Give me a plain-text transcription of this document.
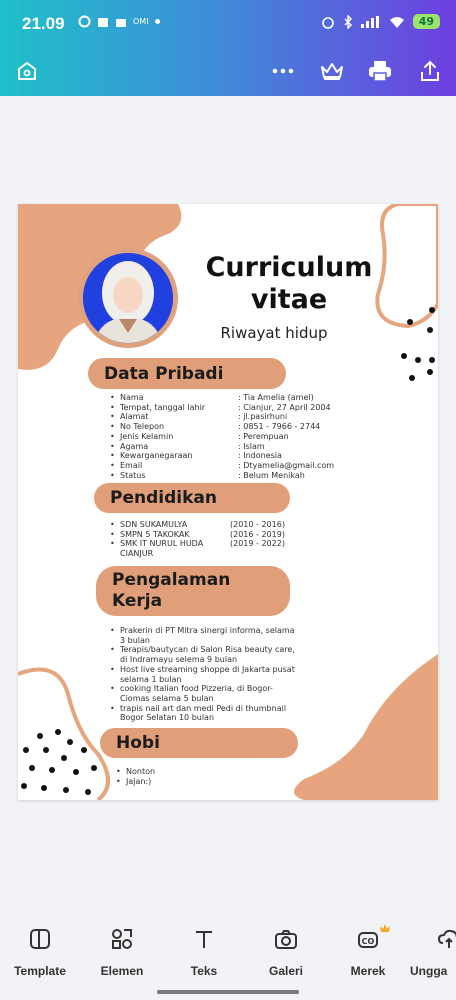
21.09	OMI	49
Curriculum vitae
Riwayat hidup
Data Pribadi
• Nama	: Tia Amelia (amel)
• Tempat, tanggal lahir	: Cianjur, 27 April 2004
• Alamat	: jl.pasirhuni
• No Telepon	: 0851 - 7966 - 2744
• Jenis Kelamin	: Perempuan
• Agama	: Islam
• Kewarganegaraan	: Indonesia
• Email	: Dtyamelia@gmail.com
• Status	: Belum Menikah
Pendidikan
• SDN SUKAMULYA	(2010 - 2016)
• SMPN 5 TAKOKAK	(2016 - 2019)
• SMK IT NURUL HUDA CIANJUR
(2019 - 2022)
Pengalaman Kerja
• Prakerin di PT Mitra sinergi informa, selama 3 bulan
• Terapis/bautycan di Salon Risa beauty care, di Indramayu selema 9 bulan
• Host live streaming shoppe di Jakarta pusat selama 1 bulan
• cooking Italian food Pizzeria, di Bogor-Ciomas selama 5 bulan
• trapis nail art dan medi Pedi di thumbnail Bogor Selatan 10 bulan
Hobi
• Nonton
• Jajan:)
Template	Elemen	Teks	Galeri
CO
Merek	Ungga
